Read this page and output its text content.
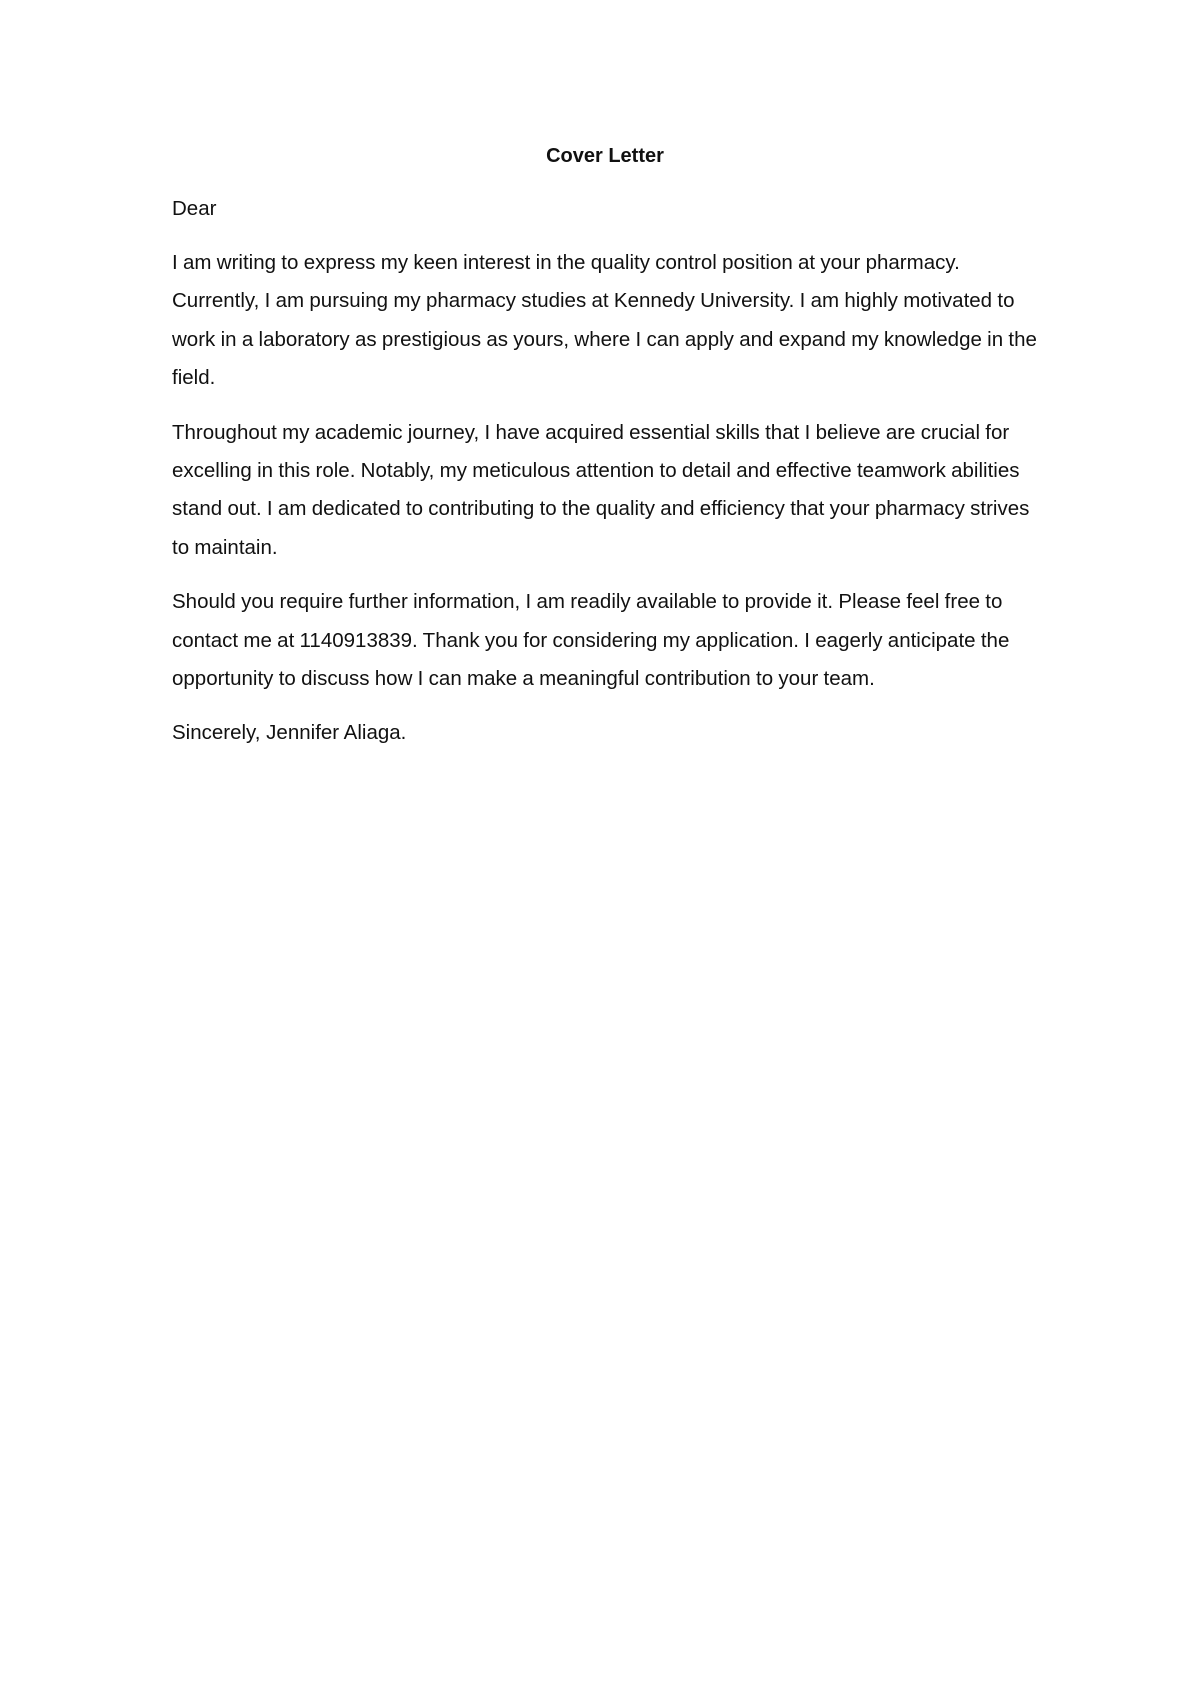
Cover Letter

Dear

I am writing to express my keen interest in the quality control position at your pharmacy. Currently, I am pursuing my pharmacy studies at Kennedy University. I am highly motivated to work in a laboratory as prestigious as yours, where I can apply and expand my knowledge in the field.

Throughout my academic journey, I have acquired essential skills that I believe are crucial for excelling in this role. Notably, my meticulous attention to detail and effective teamwork abilities stand out. I am dedicated to contributing to the quality and efficiency that your pharmacy strives to maintain.

Should you require further information, I am readily available to provide it. Please feel free to contact me at 1140913839. Thank you for considering my application. I eagerly anticipate the opportunity to discuss how I can make a meaningful contribution to your team.

Sincerely, Jennifer Aliaga.
